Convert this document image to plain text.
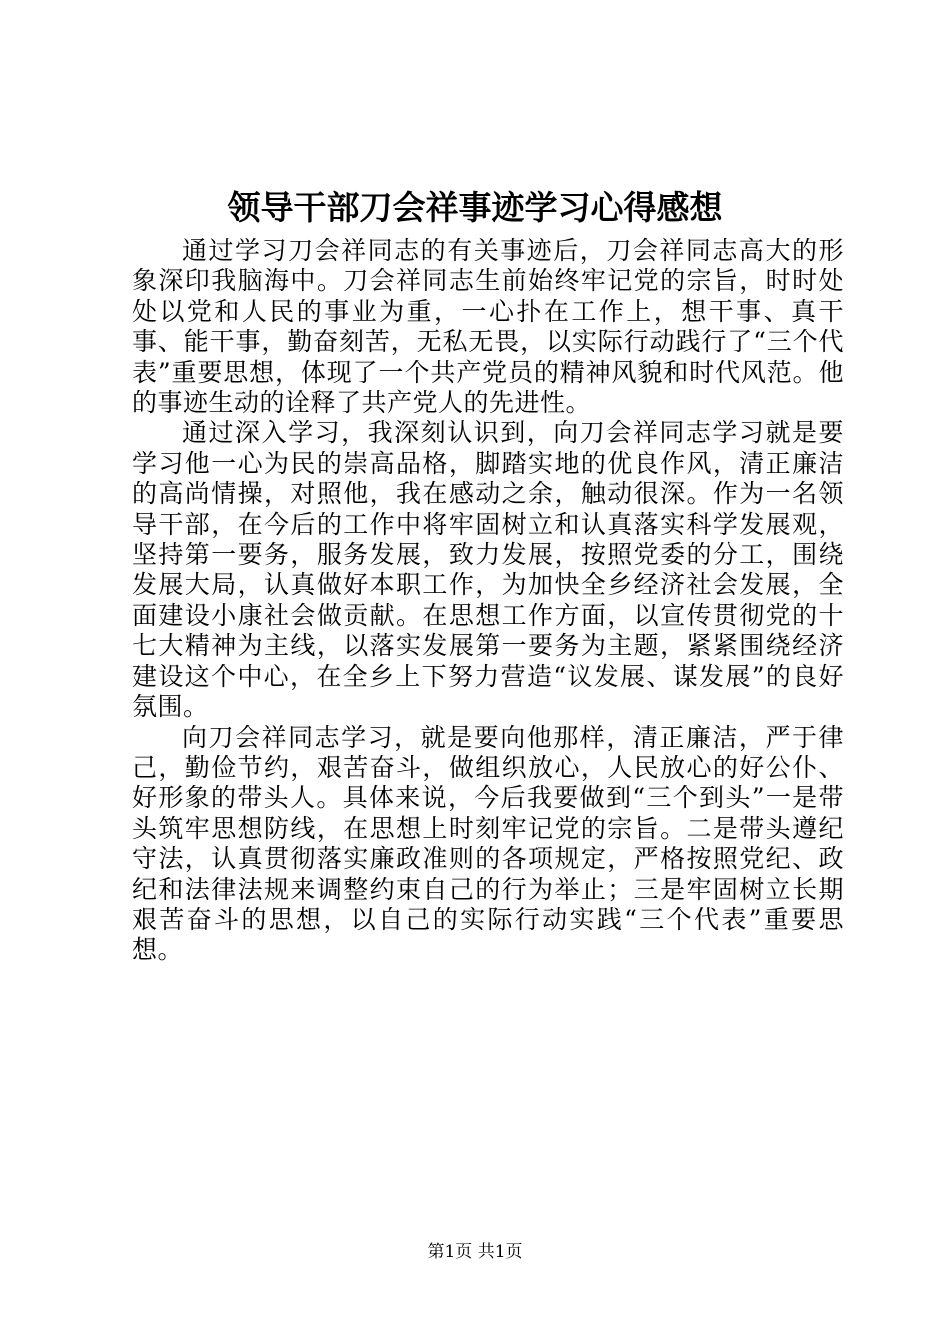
领导干部刀会祥事迹学习心得感想

通过学习刀会祥同志的有关事迹后，刀会祥同志高大的形象深印我脑海中。刀会祥同志生前始终牢记党的宗旨，时时处处以党和人民的事业为重，一心扑在工作上，想干事、真干事、能干事，勤奋刻苦，无私无畏，以实际行动践行了“三个代表”重要思想，体现了一个共产党员的精神风貌和时代风范。他的事迹生动的诠释了共产党人的先进性。

通过深入学习，我深刻认识到，向刀会祥同志学习就是要学习他一心为民的崇高品格，脚踏实地的优良作风，清正廉洁的高尚情操，对照他，我在感动之余，触动很深。作为一名领导干部，在今后的工作中将牢固树立和认真落实科学发展观，坚持第一要务，服务发展，致力发展，按照党委的分工，围绕发展大局，认真做好本职工作，为加快全乡经济社会发展，全面建设小康社会做贡献。在思想工作方面，以宣传贯彻党的十七大精神为主线，以落实发展第一要务为主题，紧紧围绕经济建设这个中心，在全乡上下努力营造“议发展、谋发展”的良好氛围。

向刀会祥同志学习，就是要向他那样，清正廉洁，严于律己，勤俭节约，艰苦奋斗，做组织放心，人民放心的好公仆、好形象的带头人。具体来说，今后我要做到“三个到头”一是带头筑牢思想防线，在思想上时刻牢记党的宗旨。二是带头遵纪守法，认真贯彻落实廉政准则的各项规定，严格按照党纪、政纪和法律法规来调整约束自己的行为举止；三是牢固树立长期艰苦奋斗的思想，以自己的实际行动实践“三个代表”重要思想。

第1页 共1页
